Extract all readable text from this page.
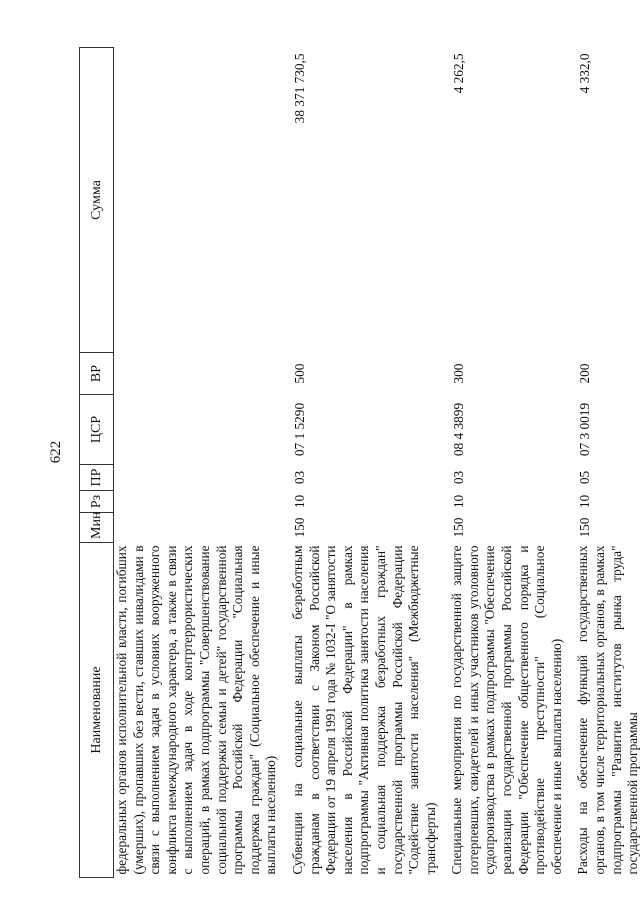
622
Наименование	Мин	Рз	ПР	ЦСР	ВР	Сумма
федеральных органов исполнительной власти, погибших (умерших), пропавших без вести, ставших инвалидами в связи с выполнением задач в условиях вооруженного конфликта немеждународного характера, а также в связи с выполнением задач в ходе контртеррористических операций, в рамках подпрограммы "Совершенствование социальной поддержки семьи и детей" государственной программы Российской Федерации "Социальная поддержка граждан" (Социальное обеспечение и иные выплаты населению)						

Субвенции на социальные выплаты безработным гражданам в соответствии с Законом Российской Федерации от 19 апреля 1991 года № 1032-I "О занятости населения в Российской Федерации" в рамках подпрограммы "Активная политика занятости населения и социальная поддержка безработных граждан" государственной программы Российской Федерации "Содействие занятости населения" (Межбюджетные трансферты)	150	10	03	07 1 5290	500	38 371 730,5

Специальные мероприятия по государственной защите потерпевших, свидетелей и иных участников уголовного судопроизводства в рамках подпрограммы "Обеспечение реализации государственной программы Российской Федерации "Обеспечение общественного порядка и противодействие преступности" (Социальное обеспечение и иные выплаты населению)	150	10	03	08 4 3899	300	4 262,5

Расходы на обеспечение функций государственных органов, в том числе территориальных органов, в рамках подпрограммы "Развитие институтов рынка труда" государственной программы	150	10	05	07 3 0019	200	4 332,0
